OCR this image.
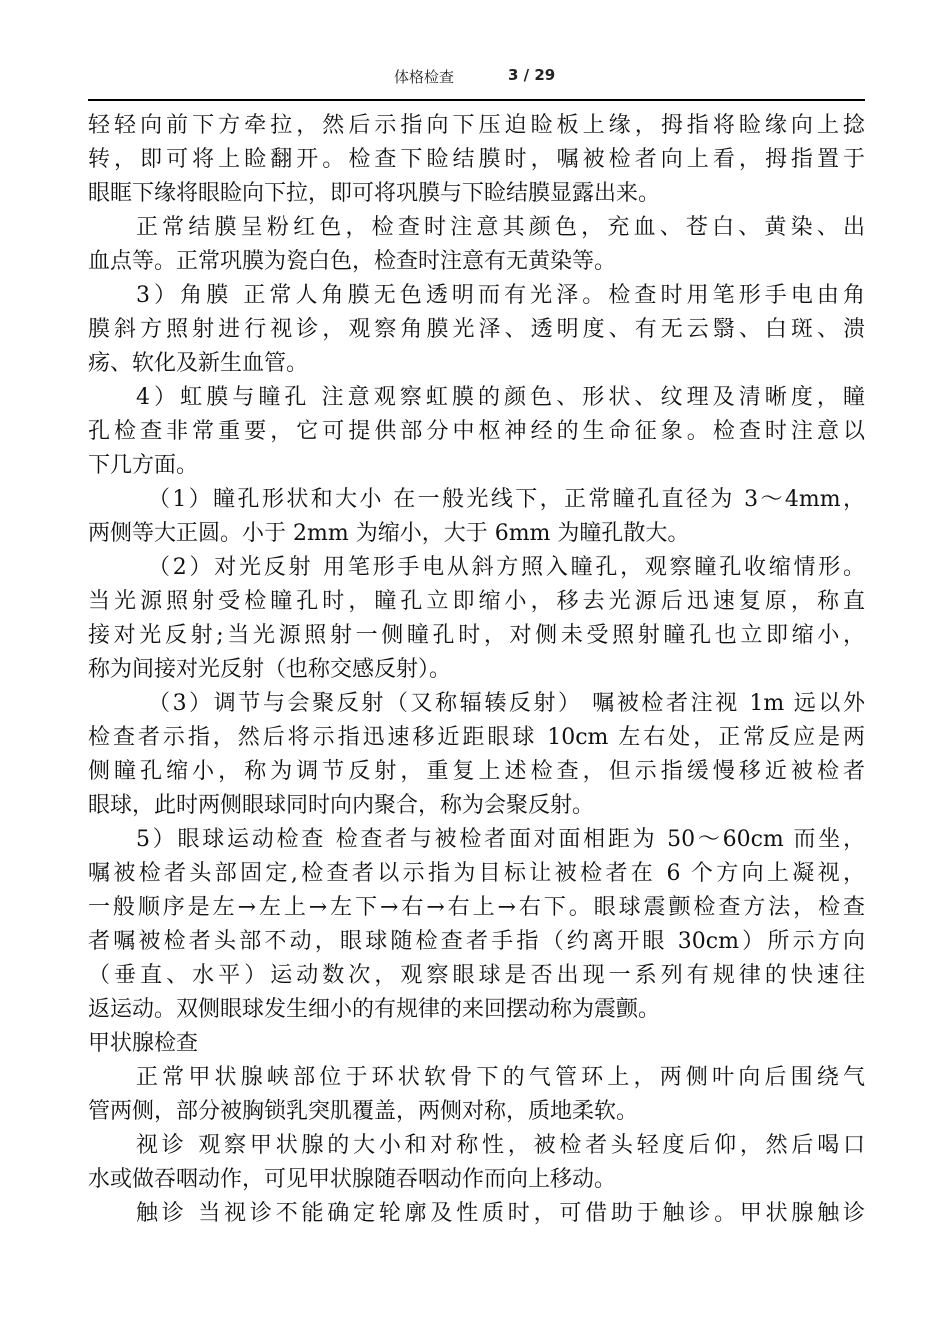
体格检查	3 / 29
轻轻向前下方牵拉，然后示指向下压迫睑板上缘，拇指将睑缘向上捻
转，即可将上睑翻开。检查下睑结膜时，嘱被检者向上看，拇指置于
眼眶下缘将眼睑向下拉，即可将巩膜与下睑结膜显露出来。
正常结膜呈粉红色，检查时注意其颜色，充血、苍白、黄染、出
血点等。正常巩膜为瓷白色，检查时注意有无黄染等。
3）角膜 正常人角膜无色透明而有光泽。检查时用笔形手电由角
膜斜方照射进行视诊，观察角膜光泽、透明度、有无云翳、白斑、溃
疡、软化及新生血管。
4）虹膜与瞳孔 注意观察虹膜的颜色、形状、纹理及清晰度，瞳
孔检查非常重要，它可提供部分中枢神经的生命征象。检查时注意以
下几方面。
（1）瞳孔形状和大小 在一般光线下，正常瞳孔直径为 3～4mm，
两侧等大正圆。小于 2mm 为缩小，大于 6mm 为瞳孔散大。
（2）对光反射 用笔形手电从斜方照入瞳孔，观察瞳孔收缩情形。
当光源照射受检瞳孔时，瞳孔立即缩小，移去光源后迅速复原，称直
接对光反射;当光源照射一侧瞳孔时，对侧未受照射瞳孔也立即缩小，
称为间接对光反射（也称交感反射）。
（3）调节与会聚反射（又称辐辏反射） 嘱被检者注视 1m 远以外
检查者示指，然后将示指迅速移近距眼球 10cm 左右处，正常反应是两
侧瞳孔缩小，称为调节反射，重复上述检查，但示指缓慢移近被检者
眼球，此时两侧眼球同时向内聚合，称为会聚反射。
5）眼球运动检查 检查者与被检者面对面相距为 50～60cm 而坐，
嘱被检者头部固定,检查者以示指为目标让被检者在 6 个方向上凝视，
一般顺序是左→左上→左下→右→右上→右下。眼球震颤检查方法，检查
者嘱被检者头部不动，眼球随检查者手指（约离开眼 30cm）所示方向
（垂直、水平）运动数次，观察眼球是否出现一系列有规律的快速往
返运动。双侧眼球发生细小的有规律的来回摆动称为震颤。
甲状腺检查
正常甲状腺峡部位于环状软骨下的气管环上，两侧叶向后围绕气
管两侧，部分被胸锁乳突肌覆盖，两侧对称，质地柔软。
视诊 观察甲状腺的大小和对称性，被检者头轻度后仰，然后喝口
水或做吞咽动作，可见甲状腺随吞咽动作而向上移动。
触诊 当视诊不能确定轮廓及性质时，可借助于触诊。甲状腺触诊
